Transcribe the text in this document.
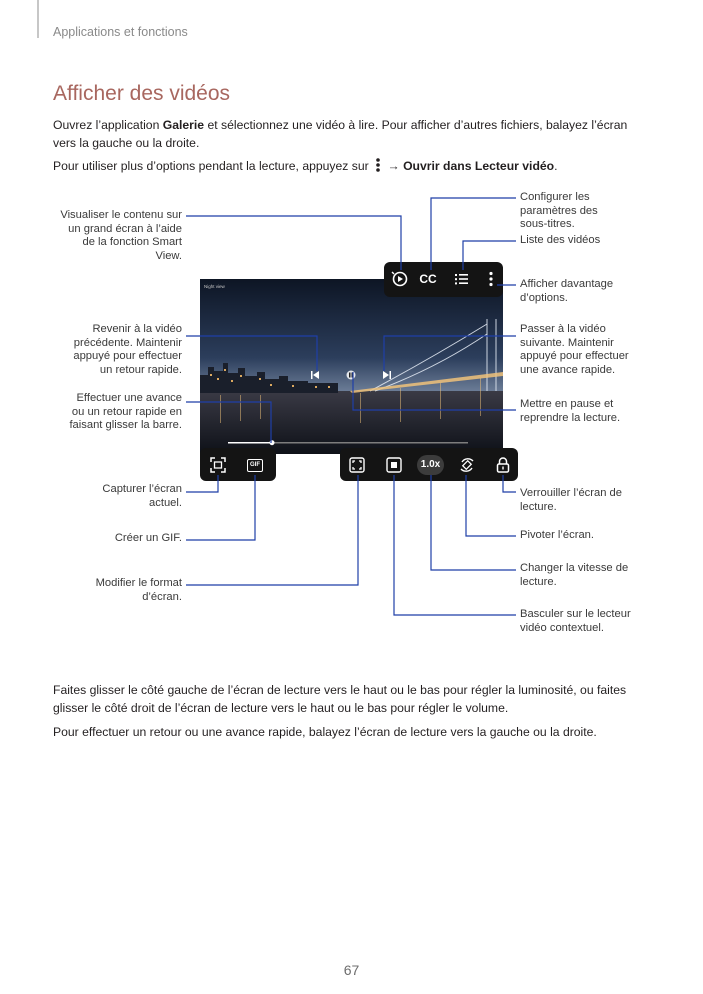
Applications et fonctions
Afficher des vidéos
Ouvrez l’application Galerie et sélectionnez une vidéo à lire. Pour afficher d’autres fichiers, balayez l’écran vers la gauche ou la droite.
Pour utiliser plus d’options pendant la lecture, appuyez sur  → Ouvrir dans Lecteur vidéo.
Night view
CC
GIF	1.0x
Visualiser le contenu sur un grand écran à l’aide de la fonction Smart View.
Configurer les paramètres des sous-titres.
Liste des vidéos
Afficher davantage d’options.
Revenir à la vidéo précédente. Maintenir appuyé pour effectuer un retour rapide.
Passer à la vidéo suivante. Maintenir appuyé pour effectuer une avance rapide.
Effectuer une avance ou un retour rapide en faisant glisser la barre.
Mettre en pause et reprendre la lecture.
Capturer l’écran actuel.
Verrouiller l’écran de lecture.
Pivoter l’écran.
Créer un GIF.
Changer la vitesse de lecture.
Modifier le format d’écran.
Basculer sur le lecteur vidéo contextuel.
Faites glisser le côté gauche de l’écran de lecture vers le haut ou le bas pour régler la luminosité, ou faites glisser le côté droit de l’écran de lecture vers le haut ou le bas pour régler le volume.
Pour effectuer un retour ou une avance rapide, balayez l’écran de lecture vers la gauche ou la droite.
67
